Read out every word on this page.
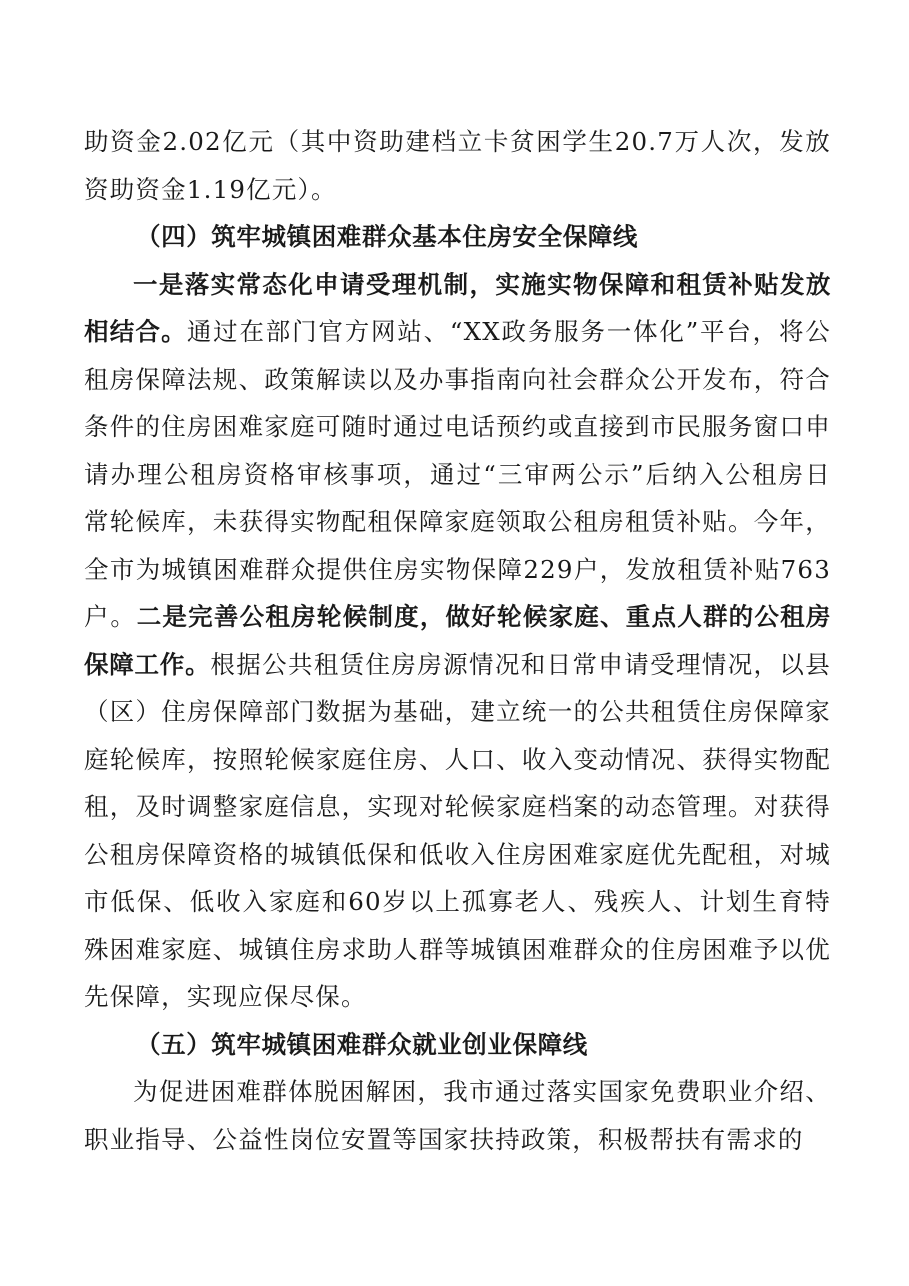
助资金2.02亿元（其中资助建档立卡贫困学生20.7万人次，发放资助资金1.19亿元）。

（四）筑牢城镇困难群众基本住房安全保障线

一是落实常态化申请受理机制，实施实物保障和租赁补贴发放相结合。通过在部门官方网站、“XX政务服务一体化”平台，将公租房保障法规、政策解读以及办事指南向社会群众公开发布，符合条件的住房困难家庭可随时通过电话预约或直接到市民服务窗口申请办理公租房资格审核事项，通过“三审两公示”后纳入公租房日常轮候库，未获得实物配租保障家庭领取公租房租赁补贴。今年，全市为城镇困难群众提供住房实物保障229户，发放租赁补贴763户。二是完善公租房轮候制度，做好轮候家庭、重点人群的公租房保障工作。根据公共租赁住房房源情况和日常申请受理情况，以县（区）住房保障部门数据为基础，建立统一的公共租赁住房保障家庭轮候库，按照轮候家庭住房、人口、收入变动情况、获得实物配租，及时调整家庭信息，实现对轮候家庭档案的动态管理。对获得公租房保障资格的城镇低保和低收入住房困难家庭优先配租，对城市低保、低收入家庭和60岁以上孤寡老人、残疾人、计划生育特殊困难家庭、城镇住房求助人群等城镇困难群众的住房困难予以优先保障，实现应保尽保。

（五）筑牢城镇困难群众就业创业保障线

为促进困难群体脱困解困，我市通过落实国家免费职业介绍、职业指导、公益性岗位安置等国家扶持政策，积极帮扶有需求的
